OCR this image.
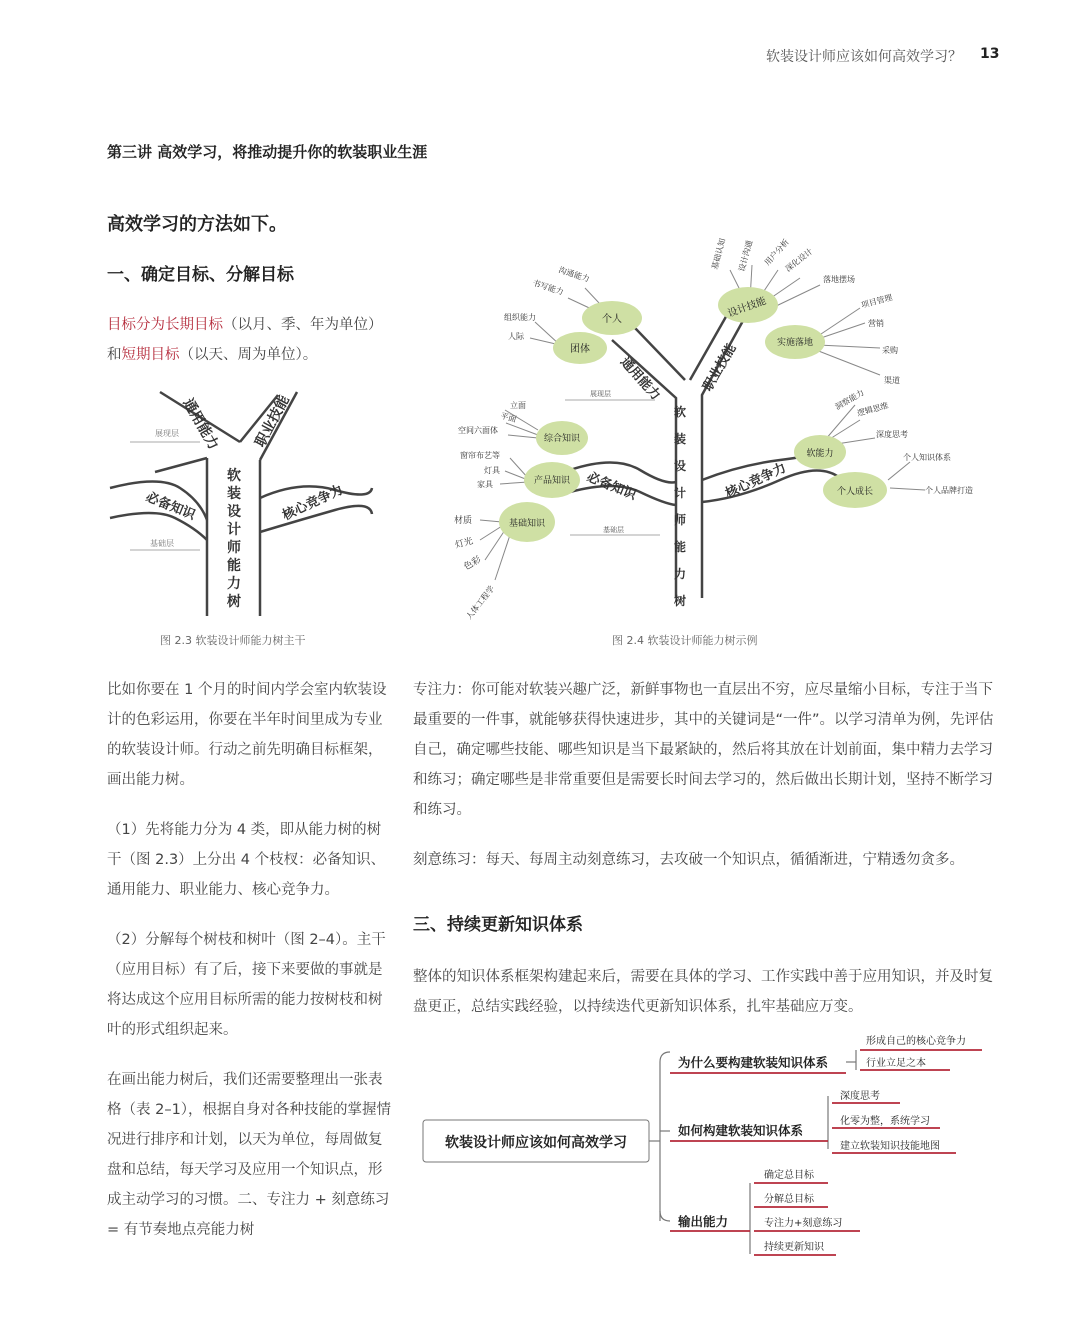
软装设计师应该如何高效学习？ 13
第三讲 高效学习，将推动提升你的软装职业生涯
高效学习的方法如下。
一、确定目标、分解目标

目标分为长期目标（以月、季、年为单位）

和短期目标（以天、周为单位）。

展现层
基础层
通用能力 职业技能
必备知识	核心竞争力
软
装
设
计
师
能
力
树
图 2.3 软装设计师能力树主干
展现层
基础层
个人
团体
设计技能
实施落地
综合知识
产品知识
基础知识
软能力
个人成长
通用能力	职业技能
必备知识	核心竞争力
软
装
设
计
师
能
力
树
沟通能力
书写能力
组织能力
人际
基础认知 设计沟通 用户分析
深化设计
落地摆场
项目管理
营销
采购
渠道
立面
平面
空间六面体
窗帘布艺等
灯具
家具
材质
灯光
色彩
人体工程学
洞察能力
逻辑思维
深度思考
个人知识体系
个人品牌打造
图 2.4 软装设计师能力树示例

比如你要在 1 个月的时间内学会室内软装设计的色彩运用，你要在半年时间里成为专业的软装设计师。行动之前先明确目标框架，画出能力树。

（1）先将能力分为 4 类，即从能力树的树干（图 2.3）上分出 4 个枝杈：必备知识、通用能力、职业能力、核心竞争力。

（2）分解每个树枝和树叶（图 2–4）。主干（应用目标）有了后，接下来要做的事就是将达成这个应用目标所需的能力按树枝和树叶的形式组织起来。

在画出能力树后，我们还需要整理出一张表格（表 2–1），根据自身对各种技能的掌握情况进行排序和计划，以天为单位，每周做复盘和总结，每天学习及应用一个知识点，形成主动学习的习惯。二、专注力 + 刻意练习 = 有节奏地点亮能力树

专注力：你可能对软装兴趣广泛，新鲜事物也一直层出不穷，应尽量缩小目标，专注于当下最重要的一件事，就能够获得快速进步，其中的关键词是“一件”。以学习清单为例，先评估自己，确定哪些技能、哪些知识是当下最紧缺的，然后将其放在计划前面，集中精力去学习和练习；确定哪些是非常重要但是需要长时间去学习的，然后做出长期计划，坚持不断学习和练习。

刻意练习：每天、每周主动刻意练习，去攻破一个知识点，循循渐进，宁精透勿贪多。

三、持续更新知识体系
整体的知识体系框架构建起来后，需要在具体的学习、工作实践中善于应用知识，并及时复盘更正，总结实践经验，以持续迭代更新知识体系，扎牢基础应万变。
软装设计师应该如何高效学习
为什么要构建软装知识体系
如何构建软装知识体系
输出能力
形成自己的核心竞争力
行业立足之本
深度思考
化零为整，系统学习
建立软装知识技能地图
确定总目标
分解总目标
专注力+刻意练习
持续更新知识
